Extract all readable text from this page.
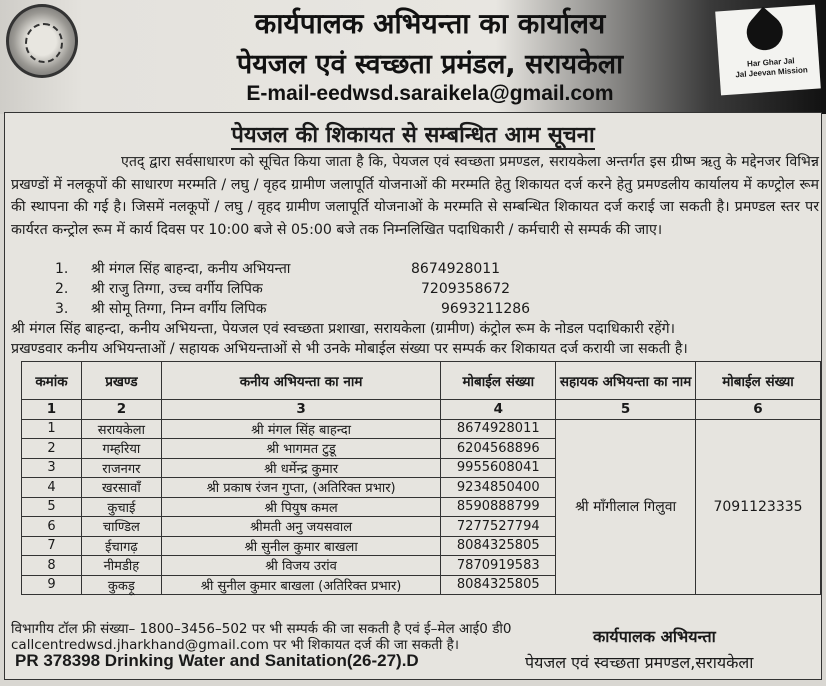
कार्यपालक अभियन्ता का कार्यालय
पेयजल एवं स्वच्छता प्रमंडल, सरायकेला
E-mail-eedwsd.saraikela@gmail.com
Har Ghar Jal
Jal Jeevan Mission
पेयजल की शिकायत से सम्बन्धित आम सूचना
एतद् द्वारा सर्वसाधारण को सूचित किया जाता है कि, पेयजल एवं स्वच्छता प्रमण्डल, सरायकेला अन्तर्गत इस ग्रीष्म ऋतु के मद्देनजर विभिन्न प्रखण्डों में नलकूपों की साधारण मरम्मति / लघु / वृहद ग्रामीण जलापूर्ति योजनाओं की मरम्मति हेतु शिकायत दर्ज करने हेतु प्रमण्डलीय कार्यालय में कण्ट्रोल रूम की स्थापना की गई है। जिसमें नलकूपों / लघु / वृहद ग्रामीण जलापूर्ति योजनाओं के मरम्मति से सम्बन्धित शिकायत दर्ज कराई जा सकती है। प्रमण्डल स्तर पर कार्यरत कन्ट्रोल रूम में कार्य दिवस पर 10:00 बजे से 05:00 बजे तक निम्नलिखित पदाधिकारी / कर्मचारी से सम्पर्क की जाए।
1. श्री मंगल सिंह बाहन्दा, कनीय अभियन्ता	8674928011
2. श्री राजु तिग्गा, उच्च वर्गीय लिपिक	7209358672
3. श्री सोमू तिग्गा, निम्न वर्गीय लिपिक	9693211286
श्री मंगल सिंह बाहन्दा, कनीय अभियन्ता, पेयजल एवं स्वच्छता प्रशाखा, सरायकेला (ग्रामीण) कंट्रोल रूम के नोडल पदाधिकारी रहेंगे।
प्रखण्डवार कनीय अभियन्ताओं / सहायक अभियन्ताओं से भी उनके मोबाईल संख्या पर सम्पर्क कर शिकायत दर्ज करायी जा सकती है।
कमांक	प्रखण्ड	कनीय अभियन्ता का नाम	मोबाईल संख्या	सहायक अभियन्ता का नाम	मोबाईल संख्या
1	2	3	4	5	6
1	सरायकेला	श्री मंगल सिंह बाहन्दा	8674928011	श्री माँगीलाल गिलुवा	7091123335
2	गम्हरिया	श्री भागमत टुडू	6204568896		
3	राजनगर	श्री धर्मेन्द्र कुमार	9955608041		
4	खरसावाँ	श्री प्रकाष रंजन गुप्ता, (अतिरिक्त प्रभार)	9234850400		
5	कुचाई	श्री पियुष कमल	8590888799		
6	चाण्डिल	श्रीमती अनु जयसवाल	7277527794		
7	ईचागढ़	श्री सुनील कुमार बाखला	8084325805		
8	नीमडीह	श्री विजय उरांव	7870919583		
9	कुकड़ू	श्री सुनील कुमार बाखला (अतिरिक्त प्रभार)	8084325805		
विभागीय टॉल फ्री संख्या– 1800–3456–502 पर भी सम्पर्क की जा सकती है एवं ई–मेल आई0 डी0
callcentredwsd.jharkhand@gmail.com पर भी शिकायत दर्ज की जा सकती है।	कार्यपालक अभियन्ता
PR 378398 Drinking Water and Sanitation(26-27).D	पेयजल एवं स्वच्छता प्रमण्डल,सरायकेला
